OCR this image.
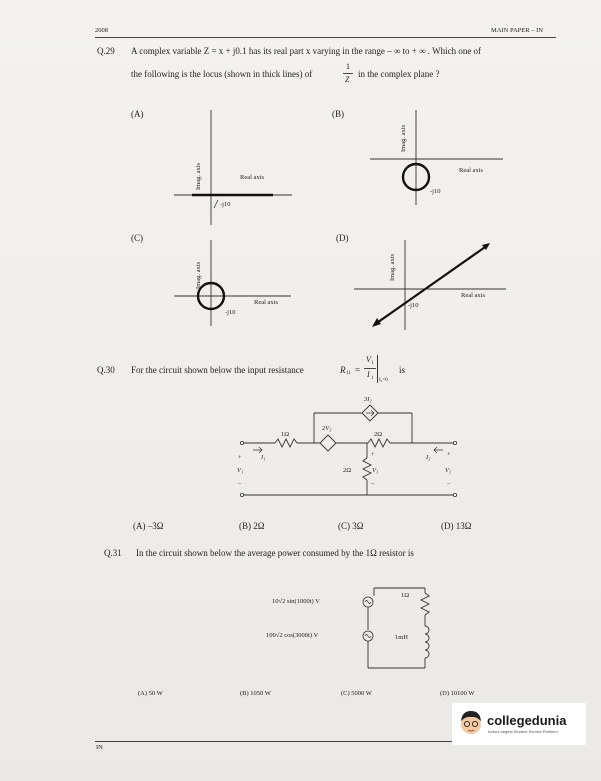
2008	MAIN PAPER – IN
Q.29 A complex variable Z = x + j0.1 has its real part x varying in the range – ∞ to + ∞ . Which one of
the following is the locus (shown in thick lines) of
1
Z
in the complex plane ?
(A)	(B)
(C)	(D)
Imag. axis	Real axis
-j10
Imag. axis
Real axis
-j10
Imag. axis
Real axis
-j10
Imag. axis
Real axis
-j10
Q.30 For the circuit shown below the input resistance	R 11 =
V 1
I 1 I₂=0
is
3I₂
2V₃
1Ω	2Ω
2Ω	V₃
I₁	I₂
V₁	V₂
+
–
+
–
+
–
(A) –3Ω	(B) 2Ω	(C) 3Ω	(D) 13Ω
Q.31 In the circuit shown below the average power consumed by the 1Ω resistor is
10√2 sin(1000t) V
100√2 cos(3000t) V
1Ω
1mH
(A) 50 W	(B) 1050 W	(C) 5000 W	(D) 10100 W
IN
collegedunia
India's largest Student Review Platform
